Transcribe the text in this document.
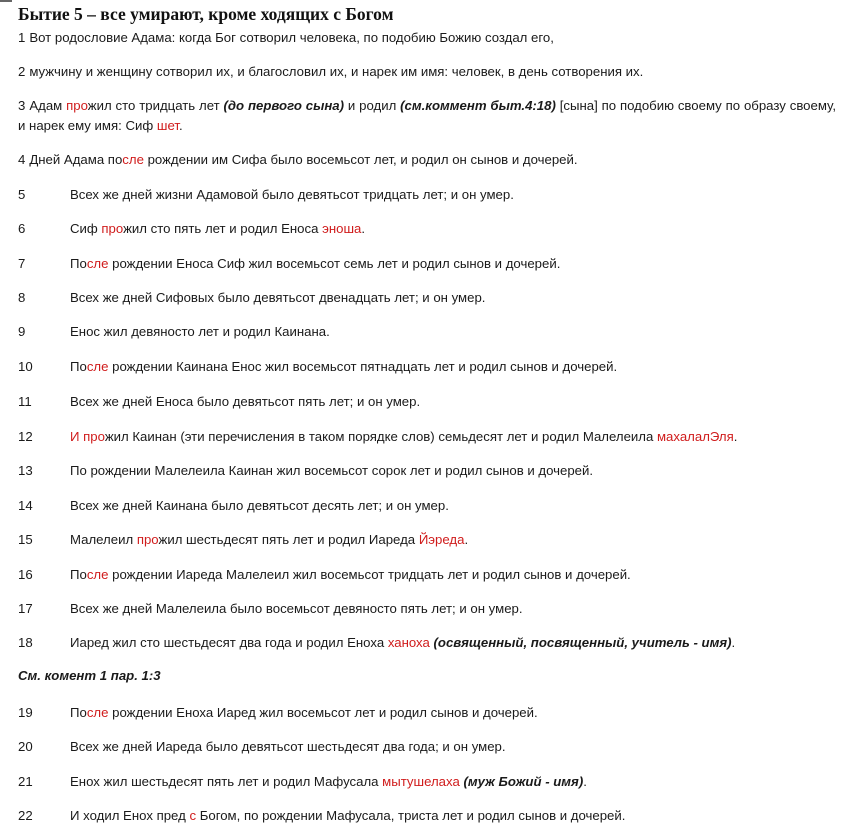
Бытие 5 – все умирают, кроме ходящих с Богом
1 Вот родословие Адама: когда Бог сотворил человека, по подобию Божию создал его,
2 мужчину и женщину сотворил их, и благословил их, и нарек им имя: человек, в день сотворения их.
3 Адам прожил сто тридцать лет (до первого сына) и родил (см.коммент быт.4:18) [сына] по подобию своему по образу своему, и нарек ему имя: Сиф шет.
4 Дней Адама после рождении им Сифа было восемьсот лет, и родил он сынов и дочерей.
5	Всех же дней жизни Адамовой было девятьсот тридцать лет; и он умер.
6	Сиф прожил сто пять лет и родил Еноса эноша.
7	После рождении Еноса Сиф жил восемьсот семь лет и родил сынов и дочерей.
8	Всех же дней Сифовых было девятьсот двенадцать лет; и он умер.
9	Енос жил девяносто лет и родил Каинана.
10	После рождении Каинана Енос жил восемьсот пятнадцать лет и родил сынов и дочерей.
11	Всех же дней Еноса было девятьсот пять лет; и он умер.
12	И прожил Каинан (эти перечисления в таком порядке слов) семьдесят лет и родил Малелеила махалалЭля.
13	По рождении Малелеила Каинан жил восемьсот сорок лет и родил сынов и дочерей.
14	Всех же дней Каинана было девятьсот десять лет; и он умер.
15	Малелеил прожил шестьдесят пять лет и родил Иареда Йэреда.
16	После рождении Иареда Малелеил жил восемьсот тридцать лет и родил сынов и дочерей.
17	Всех же дней Малелеила было восемьсот девяносто пять лет; и он умер.
18	Иаред жил сто шестьдесят два года и родил Еноха ханоха (освященный, посвященный, учитель - имя).
19	После рождении Еноха Иаред жил восемьсот лет и родил сынов и дочерей.
20	Всех же дней Иареда было девятьсот шестьдесят два года; и он умер.
21	Енох жил шестьдесят пять лет и родил Мафусала мытушелаха (муж Божий - имя).
22	И ходил Енох пред с Богом, по рождении Мафусала, триста лет и родил сынов и дочерей.
См. комент 1 пар. 1:3
